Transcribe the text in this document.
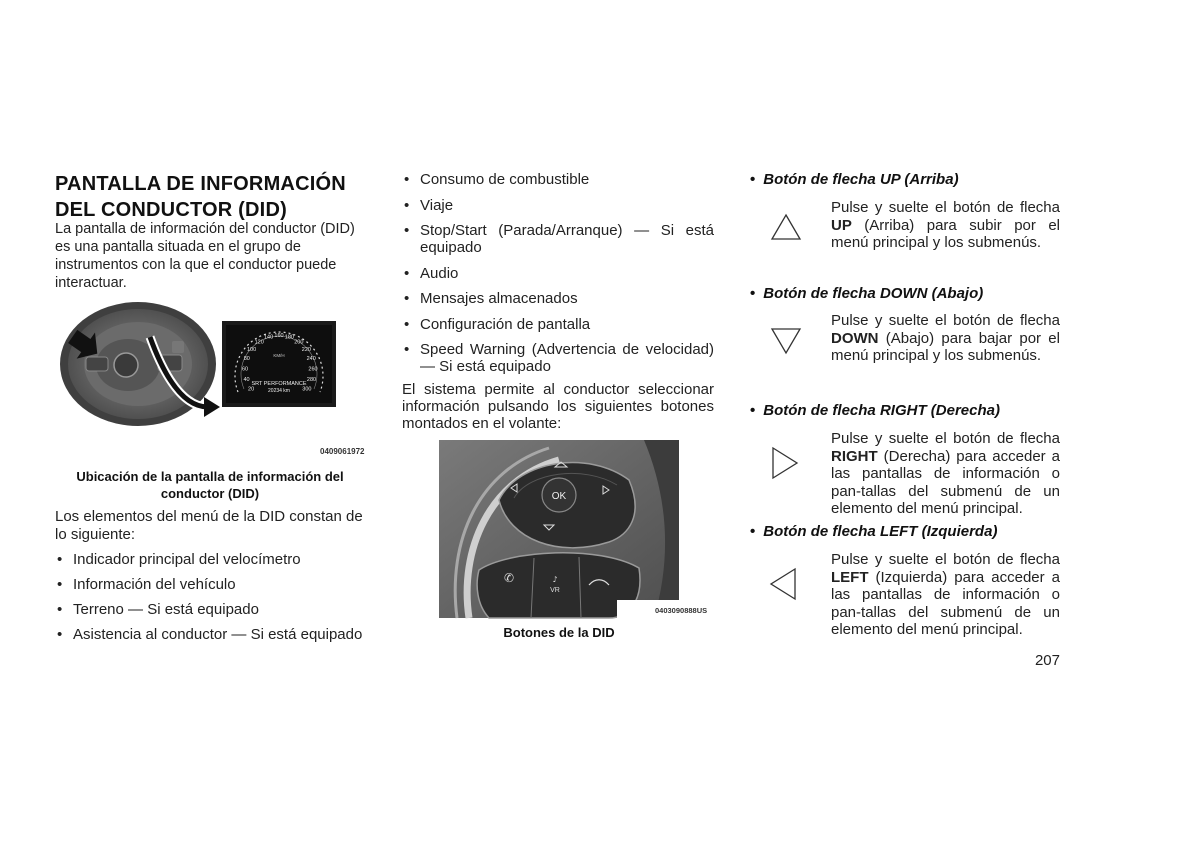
PANTALLA DE INFORMACIÓN
DEL CONDUCTOR (DID)
La pantalla de información del conductor (DID) es una pantalla situada en el grupo de instrumentos con la que el conductor puede interactuar.
SRT PERFORMANCE
20234 km
KM/H
20
40
60
80
100
120
140 160 180
200
220
240
260
280
300
0409061972
Ubicación de la pantalla de información del
conductor (DID)
Los elementos del menú de la DID constan de lo siguiente:
• Indicador principal del velocímetro
• Información del vehículo
• Terreno — Si está equipado
• Asistencia al conductor — Si está equipado
• Consumo de combustible
• Viaje
• Stop/Start (Parada/Arranque) — Si está equipado
• Audio
• Mensajes almacenados
• Configuración de pantalla
• Speed Warning (Advertencia de velocidad) — Si está equipado
El sistema permite al conductor seleccionar información pulsando los siguientes botones montados en el volante:
OK
✆
VR
♪
0403090888US
Botones de la DID
• Botón de flecha UP (Arriba)
Pulse y suelte el botón de flecha UP (Arriba) para subir por el menú principal y los submenús.
• Botón de flecha DOWN (Abajo)
Pulse y suelte el botón de flecha DOWN (Abajo) para bajar por el menú principal y los submenús.
• Botón de flecha RIGHT (Derecha)
Pulse y suelte el botón de flecha RIGHT (Derecha) para acceder a las pantallas de información o pan-tallas del submenú de un elemento del menú principal.
• Botón de flecha LEFT (Izquierda)
Pulse y suelte el botón de flecha LEFT (Izquierda) para acceder a las pantallas de información o pan-tallas del submenú de un elemento del menú principal.
207
